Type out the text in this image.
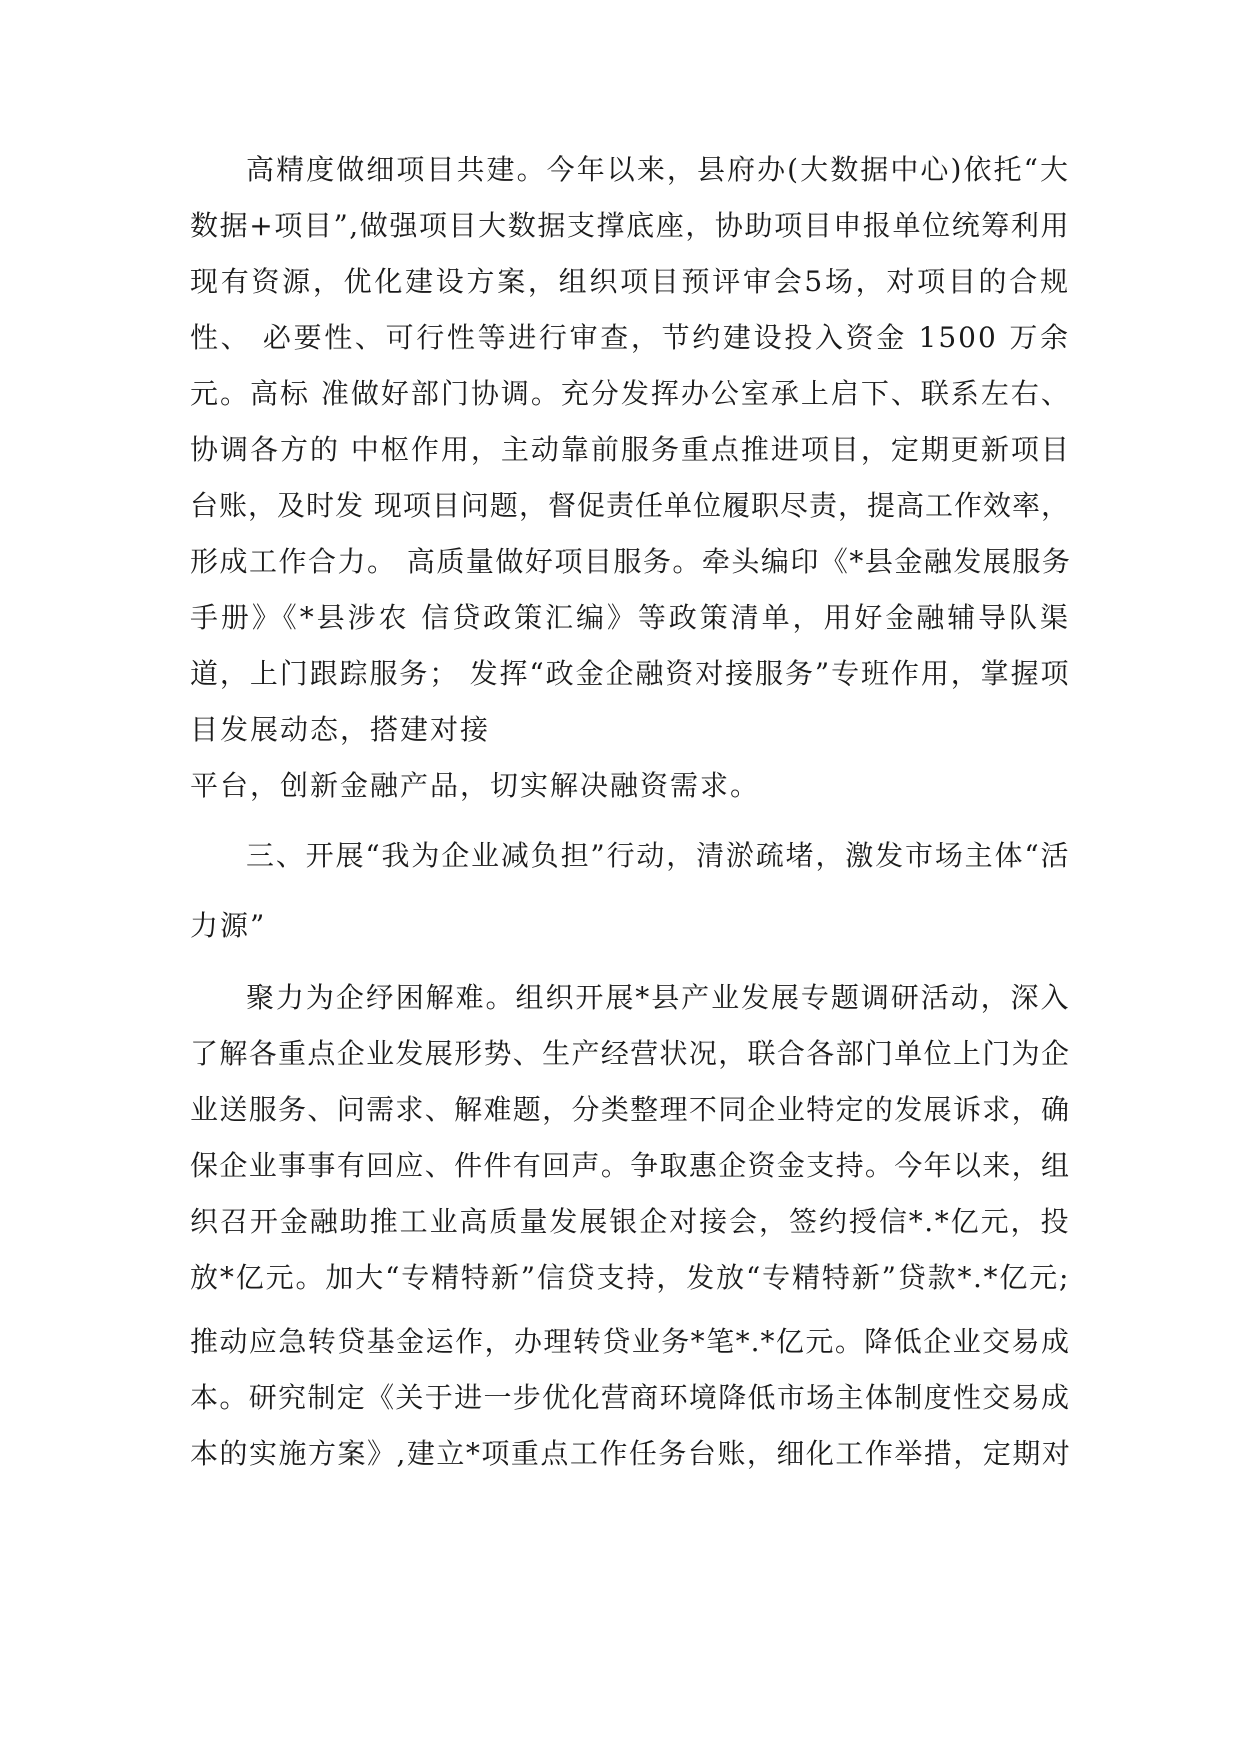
高精度做细项目共建。今年以来，县府办(大数据中心)依托“大
数据+项目”,做强项目大数据支撑底座，协助项目申报单位统筹利用
现有资源，优化建设方案，组织项目预评审会5场，对项目的合规
性、 必要性、可行性等进行审查，节约建设投入资金 1500 万余
元。高标 准做好部门协调。充分发挥办公室承上启下、联系左右、
协调各方的 中枢作用，主动靠前服务重点推进项目，定期更新项目
台账，及时发 现项目问题，督促责任单位履职尽责，提高工作效率，
形成工作合力。 高质量做好项目服务。牵头编印《*县金融发展服务
手册》《*县涉农 信贷政策汇编》等政策清单，用好金融辅导队渠
道，上门跟踪服务； 发挥“政金企融资对接服务”专班作用，掌握项
目发展动态，搭建对接
平台，创新金融产品，切实解决融资需求。
三、开展“我为企业减负担”行动，清淤疏堵，激发市场主体“活
力源”
聚力为企纾困解难。组织开展*县产业发展专题调研活动，深入
了解各重点企业发展形势、生产经营状况，联合各部门单位上门为企
业送服务、问需求、解难题，分类整理不同企业特定的发展诉求，确
保企业事事有回应、件件有回声。争取惠企资金支持。今年以来，组
织召开金融助推工业高质量发展银企对接会，签约授信*.*亿元，投
放*亿元。加大“专精特新”信贷支持，发放“专精特新”贷款*.*亿元;
推动应急转贷基金运作，办理转贷业务*笔*.*亿元。降低企业交易成
本。研究制定《关于进一步优化营商环境降低市场主体制度性交易成
本的实施方案》,建立*项重点工作任务台账，细化工作举措，定期对
